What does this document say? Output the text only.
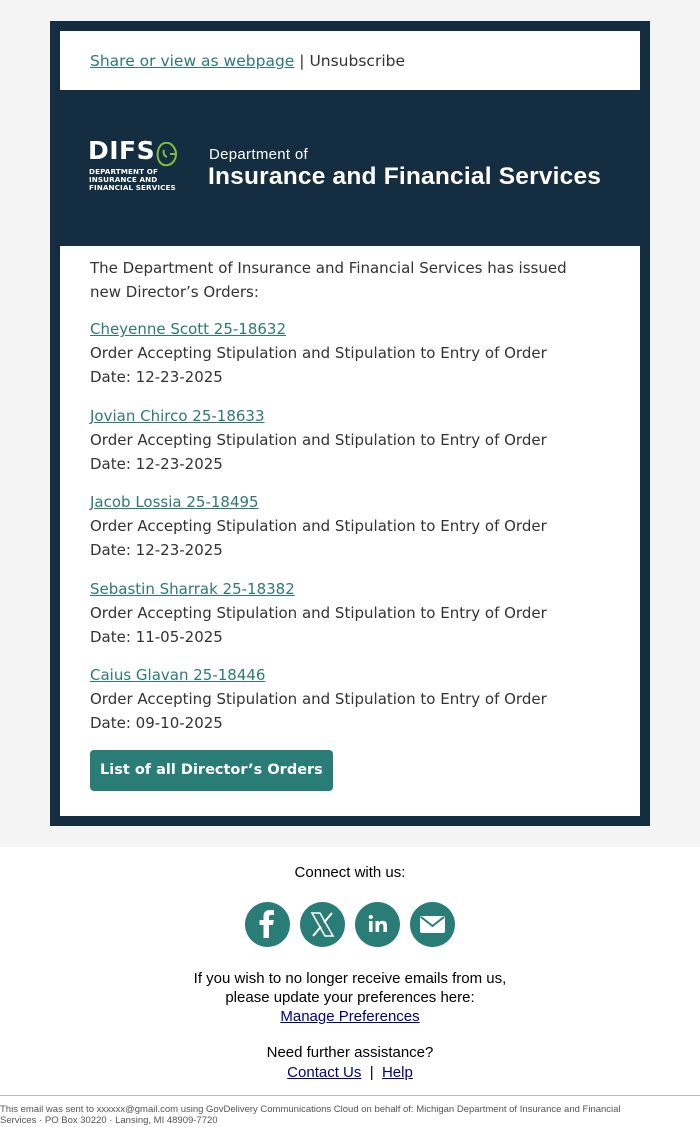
Share or view as webpage | Unsubscribe
DIFS
DEPARTMENT OF
INSURANCE AND
FINANCIAL SERVICES
Department of
Insurance and Financial Services
The Department of Insurance and Financial Services has issued new Director’s Orders:
Cheyenne Scott 25-18632
Order Accepting Stipulation and Stipulation to Entry of Order
Date: 12-23-2025
Jovian Chirco 25-18633
Order Accepting Stipulation and Stipulation to Entry of Order
Date: 12-23-2025
Jacob Lossia 25-18495
Order Accepting Stipulation and Stipulation to Entry of Order
Date: 12-23-2025
Sebastin Sharrak 25-18382
Order Accepting Stipulation and Stipulation to Entry of Order
Date: 11-05-2025
Caius Glavan 25-18446
Order Accepting Stipulation and Stipulation to Entry of Order
Date: 09-10-2025
List of all Director’s Orders
Connect with us:
If you wish to no longer receive emails from us,
please update your preferences here:
Manage Preferences
Need further assistance?
Contact Us | Help
This email was sent to xxxxxx@gmail.com using GovDelivery Communications Cloud on behalf of: Michigan Department of Insurance and Financial Services · PO Box 30220 · Lansing, MI 48909-7720
